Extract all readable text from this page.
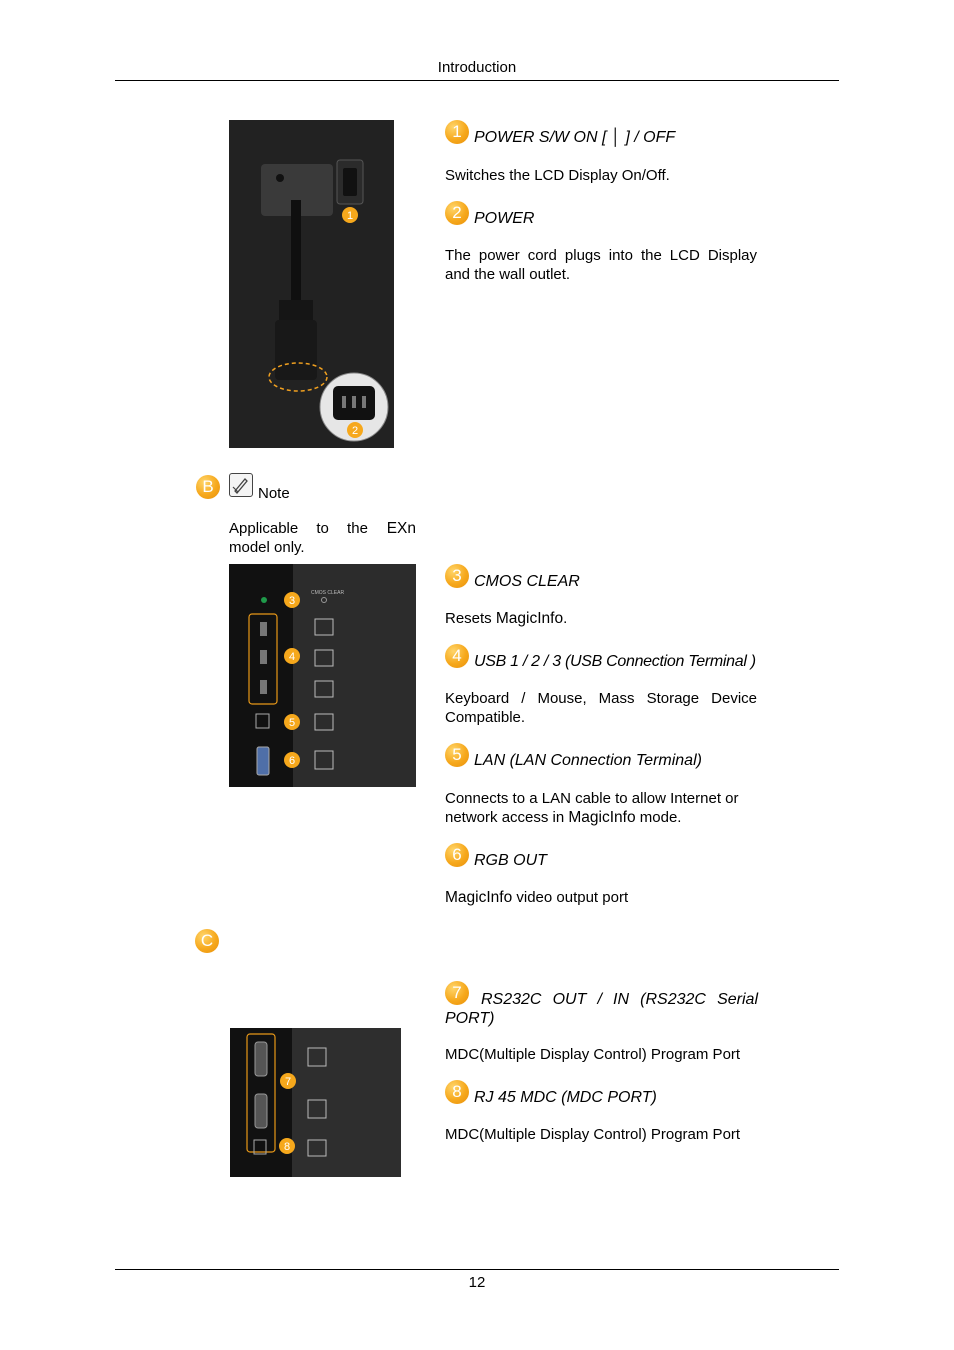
Introduction
1
2
1 POWER S/W ON [ │ ] / OFF
Switches the LCD Display On/Off.
2 POWER
The power cord plugs into the LCD Display and the wall outlet.
B	Note
Applicable to the EXn
model only.
3
4
5
6
CMOS CLEAR
3 CMOS CLEAR
Resets MagicInfo.
4 USB 1 / 2 / 3 (USB Connection Terminal )
Keyboard / Mouse, Mass Storage Device Compatible.
5 LAN (LAN Connection Terminal)
Connects to a LAN cable to allow Internet or network access in MagicInfo mode.
6 RGB OUT
MagicInfo video output port
C
7
8
7	RS232C OUT / IN (RS232C Serial PORT)
MDC(Multiple Display Control) Program Port
8 RJ 45 MDC (MDC PORT)
MDC(Multiple Display Control) Program Port
12
